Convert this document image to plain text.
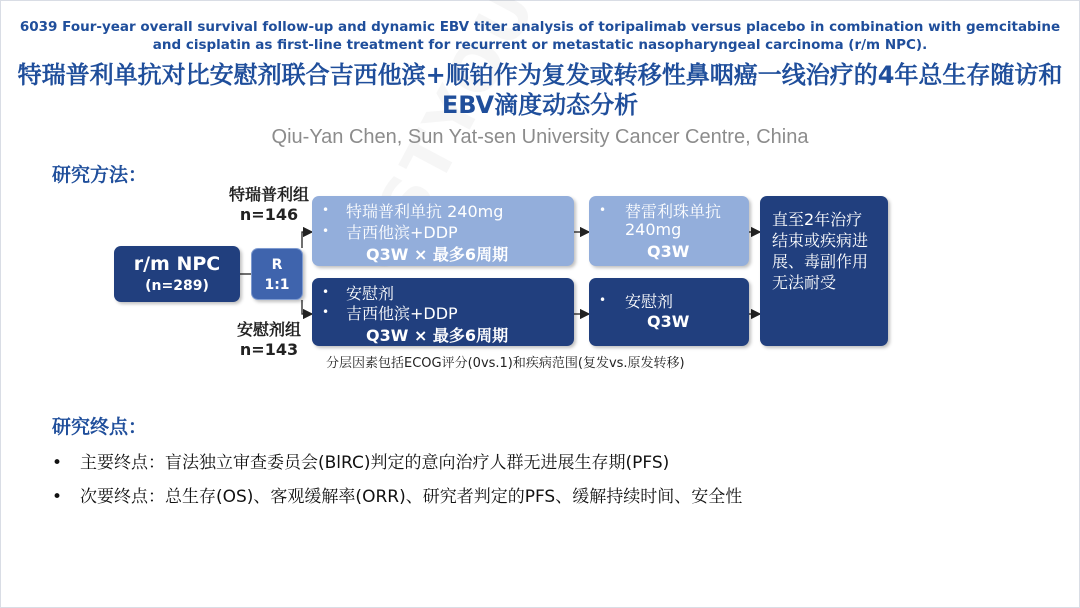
6039 Four-year overall survival follow-up and dynamic EBV titer analysis of toripalimab versus placebo in combination with gemcitabine and cisplatin as first-line treatment for recurrent or metastatic nasopharyngeal carcinoma (r/m NPC).
特瑞普利单抗对比安慰剂联合吉西他滨+顺铂作为复发或转移性鼻咽癌一线治疗的4年总生存随访和EBV滴度动态分析
Qiu-Yan Chen, Sun Yat-sen University Cancer Centre, China
研究方法：
特瑞普利组
n=146
安慰剂组
n=143
r/m NPC
(n=289)
R
1:1
• 特瑞普利单抗 240mg
• 吉西他滨+DDP
Q3W × 最多6周期
• 安慰剂
• 吉西他滨+DDP
Q3W × 最多6周期
• 替雷利珠单抗
240mg
Q3W
• 安慰剂
Q3W
直至2年治疗结束或疾病进展、毒副作用无法耐受
分层因素包括ECOG评分(0vs.1)和疾病范围(复发vs.原发转移)
研究终点：
• 主要终点：盲法独立审查委员会(BlRC)判定的意向治疗人群无进展生存期(PFS)
• 次要终点：总生存(OS)、客观缓解率(ORR)、研究者判定的PFS、缓解持续时间、安全性
